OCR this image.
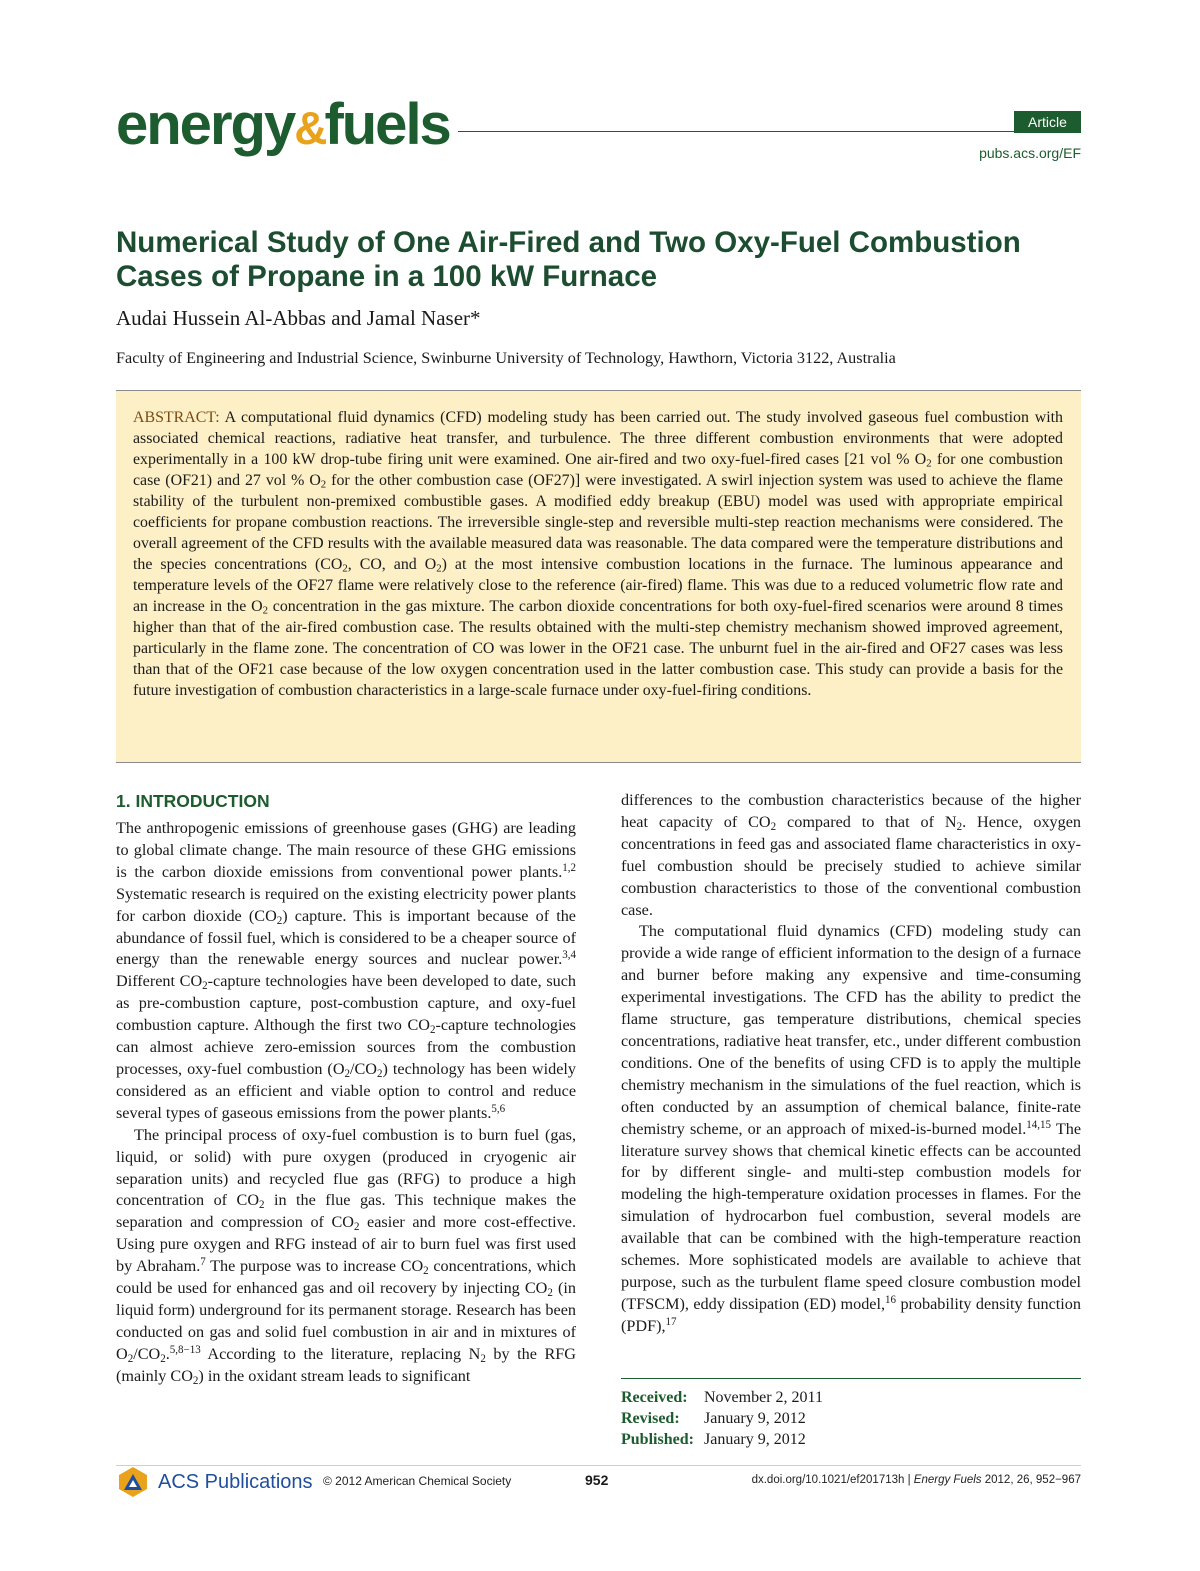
energy&fuels	Article
pubs.acs.org/EF
Numerical Study of One Air-Fired and Two Oxy-Fuel Combustion Cases of Propane in a 100 kW Furnace
Audai Hussein Al-Abbas and Jamal Naser*
Faculty of Engineering and Industrial Science, Swinburne University of Technology, Hawthorn, Victoria 3122, Australia
ABSTRACT: A computational fluid dynamics (CFD) modeling study has been carried out. The study involved gaseous fuel combustion with associated chemical reactions, radiative heat transfer, and turbulence. The three different combustion environments that were adopted experimentally in a 100 kW drop-tube firing unit were examined. One air-fired and two oxy-fuel-fired cases [21 vol % $O_2$ for one combustion case (OF21) and 27 vol % $O_2$ for the other combustion case (OF27)] were investigated. A swirl injection system was used to achieve the flame stability of the turbulent non-premixed combustible gases. A modified eddy breakup (EBU) model was used with appropriate empirical coefficients for propane combustion reactions. The irreversible single-step and reversible multi-step reaction mechanisms were considered. The overall agreement of the CFD results with the available measured data was reasonable. The data compared were the temperature distributions and the species concentrations ($CO_2$, CO, and $O_2$) at the most intensive combustion locations in the furnace. The luminous appearance and temperature levels of the OF27 flame were relatively close to the reference (air-fired) flame. This was due to a reduced volumetric flow rate and an increase in the $O_2$ concentration in the gas mixture. The carbon dioxide concentrations for both oxy-fuel-fired scenarios were around 8 times higher than that of the air-fired combustion case. The results obtained with the multi-step chemistry mechanism showed improved agreement, particularly in the flame zone. The concentration of CO was lower in the OF21 case. The unburnt fuel in the air-fired and OF27 cases was less than that of the OF21 case because of the low oxygen concentration used in the latter combustion case. This study can provide a basis for the future investigation of combustion characteristics in a large-scale furnace under oxy-fuel-firing conditions.
1. INTRODUCTION

The anthropogenic emissions of greenhouse gases (GHG) are leading to global climate change. The main resource of these GHG emissions is the carbon dioxide emissions from conventional power plants.$^{1,2}$ Systematic research is required on the existing electricity power plants for carbon dioxide $(CO_2)$ capture. This is important because of the abundance of fossil fuel, which is considered to be a cheaper source of energy than the renewable energy sources and nuclear power.$^{3,4}$ Different $CO_2$-capture technologies have been developed to date, such as pre-combustion capture, post-combustion capture, and oxy-fuel combustion capture. Although the first two $CO_2$-capture technologies can almost achieve zero-emission sources from the combustion processes, oxy-fuel combustion $(O_2/CO_2)$ technology has been widely considered as an efficient and viable option to control and reduce several types of gaseous emissions from the power plants.$^{5,6}$

The principal process of oxy-fuel combustion is to burn fuel (gas, liquid, or solid) with pure oxygen (produced in cryogenic air separation units) and recycled flue gas (RFG) to produce a high concentration of $CO_2$ in the flue gas. This technique makes the separation and compression of $CO_2$ easier and more cost-effective. Using pure oxygen and RFG instead of air to burn fuel was first used by Abraham.$^7$ The purpose was to increase $CO_2$ concentrations, which could be used for enhanced gas and oil recovery by injecting $CO_2$ (in liquid form) underground for its permanent storage. Research has been conducted on gas and solid fuel combustion in air and in mixtures of $O_2/CO_2.^{5,8-13}$ According to the literature, replacing $N_2$ by the RFG (mainly $CO_2$) in the oxidant stream leads to significant

differences to the combustion characteristics because of the higher heat capacity of $CO_2$ compared to that of $N_2$. Hence, oxygen concentrations in feed gas and associated flame characteristics in oxy-fuel combustion should be precisely studied to achieve similar combustion characteristics to those of the conventional combustion case.

The computational fluid dynamics (CFD) modeling study can provide a wide range of efficient information to the design of a furnace and burner before making any expensive and time-consuming experimental investigations. The CFD has the ability to predict the flame structure, gas temperature distributions, chemical species concentrations, radiative heat transfer, etc., under different combustion conditions. One of the benefits of using CFD is to apply the multiple chemistry mechanism in the simulations of the fuel reaction, which is often conducted by an assumption of chemical balance, finite-rate chemistry scheme, or an approach of mixed-is-burned model.$^{14,15}$ The literature survey shows that chemical kinetic effects can be accounted for by different single- and multi-step combustion models for modeling the high-temperature oxidation processes in flames. For the simulation of hydrocarbon fuel combustion, several models are available that can be combined with the high-temperature reaction schemes. More sophisticated models are available to achieve that purpose, such as the turbulent flame speed closure combustion model (TFSCM), eddy dissipation (ED) model,$^{16}$ probability density function (PDF),$^{17}$

Received:	November 2, 2011
Revised:	January 9, 2012
Published: January 9, 2012
ACS Publications © 2012 American Chemical Society	952	dx.doi.org/10.1021/ef201713h | Energy Fuels 2012, 26, 952−967
